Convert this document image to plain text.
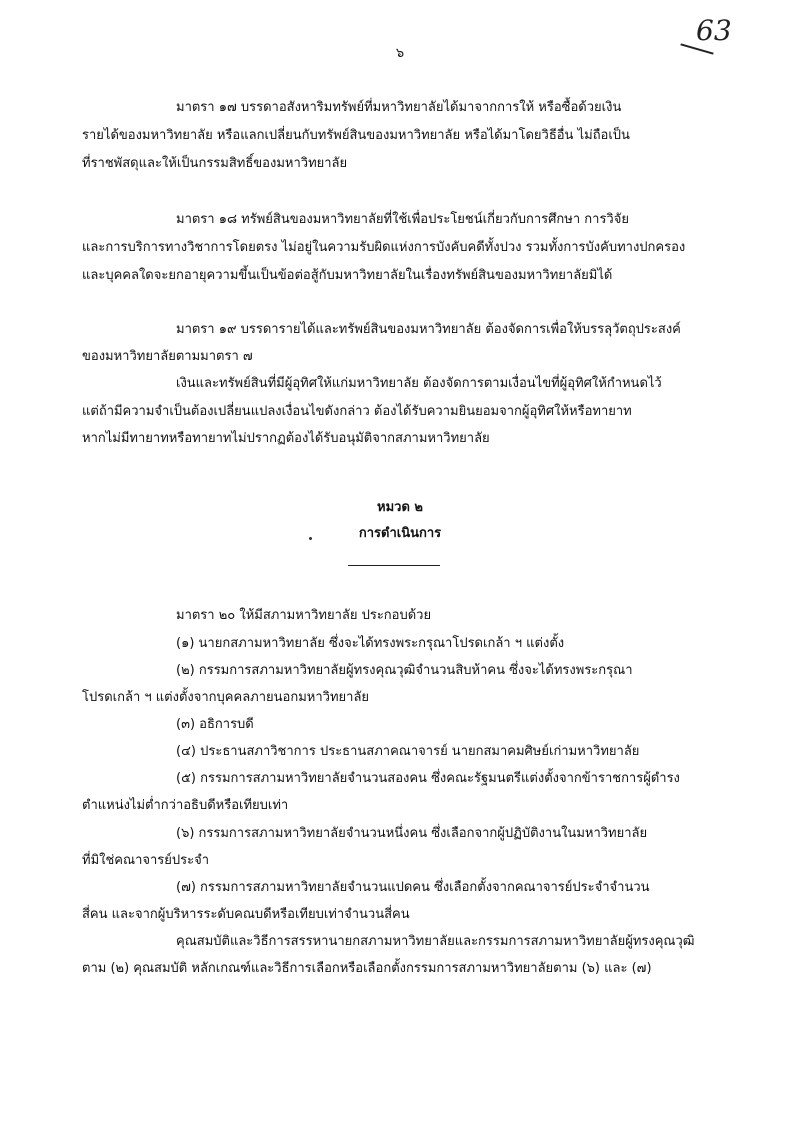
๖
63
มาตรา ๑๗ บรรดาอสังหาริมทรัพย์ที่มหาวิทยาลัยได้มาจากการให้ หรือซื้อด้วยเงิน
รายได้ของมหาวิทยาลัย หรือแลกเปลี่ยนกับทรัพย์สินของมหาวิทยาลัย หรือได้มาโดยวิธีอื่น ไม่ถือเป็น
ที่ราชพัสดุและให้เป็นกรรมสิทธิ์ของมหาวิทยาลัย
มาตรา ๑๘ ทรัพย์สินของมหาวิทยาลัยที่ใช้เพื่อประโยชน์เกี่ยวกับการศึกษา การวิจัย
และการบริการทางวิชาการโดยตรง ไม่อยู่ในความรับผิดแห่งการบังคับคดีทั้งปวง รวมทั้งการบังคับทางปกครอง
และบุคคลใดจะยกอายุความขึ้นเป็นข้อต่อสู้กับมหาวิทยาลัยในเรื่องทรัพย์สินของมหาวิทยาลัยมิได้
มาตรา ๑๙ บรรดารายได้และทรัพย์สินของมหาวิทยาลัย ต้องจัดการเพื่อให้บรรลุวัตถุประสงค์
ของมหาวิทยาลัยตามมาตรา ๗
เงินและทรัพย์สินที่มีผู้อุทิศให้แก่มหาวิทยาลัย ต้องจัดการตามเงื่อนไขที่ผู้อุทิศให้กำหนดไว้
แต่ถ้ามีความจำเป็นต้องเปลี่ยนแปลงเงื่อนไขดังกล่าว ต้องได้รับความยินยอมจากผู้อุทิศให้หรือทายาท
หากไม่มีทายาทหรือทายาทไม่ปรากฏต้องได้รับอนุมัติจากสภามหาวิทยาลัย
หมวด ๒
การดำเนินการ
มาตรา ๒๐ ให้มีสภามหาวิทยาลัย ประกอบด้วย
(๑) นายกสภามหาวิทยาลัย ซึ่งจะได้ทรงพระกรุณาโปรดเกล้า ฯ แต่งตั้ง
(๒) กรรมการสภามหาวิทยาลัยผู้ทรงคุณวุฒิจำนวนสิบห้าคน ซึ่งจะได้ทรงพระกรุณา
โปรดเกล้า ฯ แต่งตั้งจากบุคคลภายนอกมหาวิทยาลัย
(๓) อธิการบดี
(๔) ประธานสภาวิชาการ ประธานสภาคณาจารย์ นายกสมาคมศิษย์เก่ามหาวิทยาลัย
(๕) กรรมการสภามหาวิทยาลัยจำนวนสองคน ซึ่งคณะรัฐมนตรีแต่งตั้งจากข้าราชการผู้ดำรง
ตำแหน่งไม่ต่ำกว่าอธิบดีหรือเทียบเท่า
(๖) กรรมการสภามหาวิทยาลัยจำนวนหนึ่งคน ซึ่งเลือกจากผู้ปฏิบัติงานในมหาวิทยาลัย
ที่มิใช่คณาจารย์ประจำ
(๗) กรรมการสภามหาวิทยาลัยจำนวนแปดคน ซึ่งเลือกตั้งจากคณาจารย์ประจำจำนวน
สี่คน และจากผู้บริหารระดับคณบดีหรือเทียบเท่าจำนวนสี่คน
คุณสมบัติและวิธีการสรรหานายกสภามหาวิทยาลัยและกรรมการสภามหาวิทยาลัยผู้ทรงคุณวุฒิ
ตาม (๒) คุณสมบัติ หลักเกณฑ์และวิธีการเลือกหรือเลือกตั้งกรรมการสภามหาวิทยาลัยตาม (๖) และ (๗)
